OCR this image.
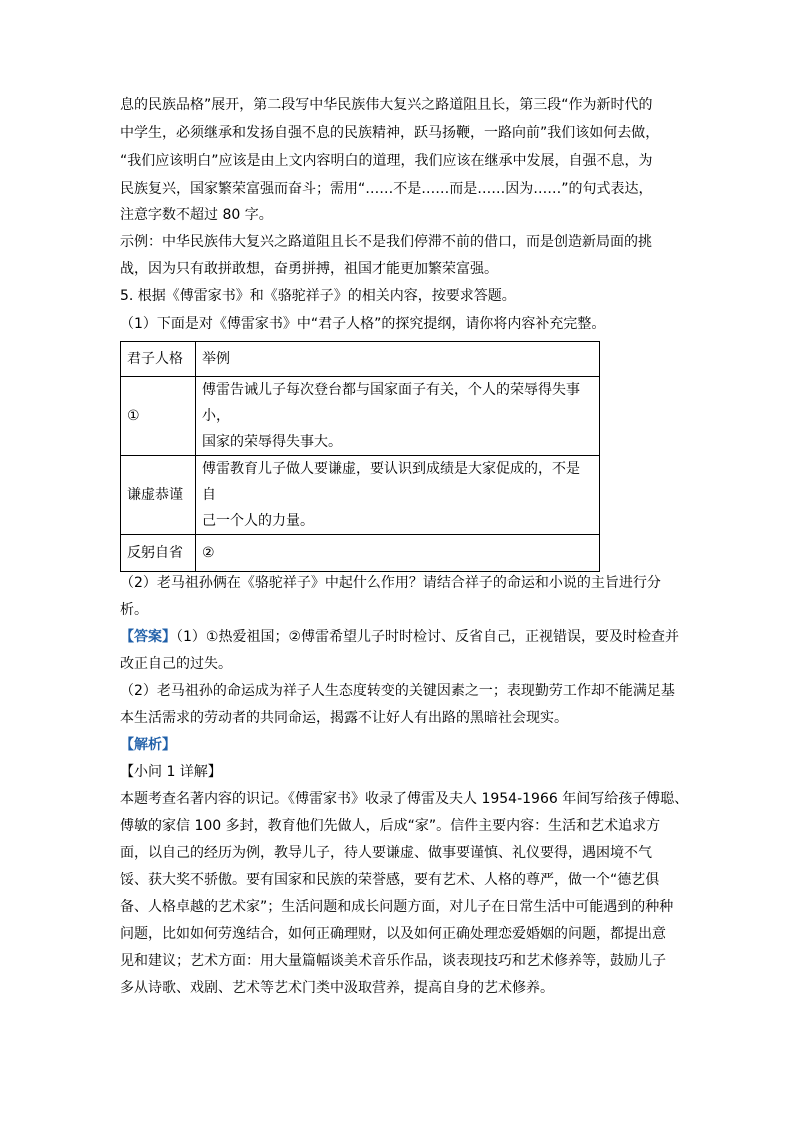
息的民族品格”展开，第二段写中华民族伟大复兴之路道阻且长，第三段“作为新时代的
中学生，必须继承和发扬自强不息的民族精神，跃马扬鞭，一路向前”我们该如何去做，
“我们应该明白”应该是由上文内容明白的道理，我们应该在继承中发展，自强不息，为
民族复兴，国家繁荣富强而奋斗；需用“……不是……而是……因为……”的句式表达，
注意字数不超过 80 字。
示例：中华民族伟大复兴之路道阻且长不是我们停滞不前的借口，而是创造新局面的挑
战，因为只有敢拼敢想，奋勇拼搏，祖国才能更加繁荣富强。
5. 根据《傅雷家书》和《骆驼祥子》的相关内容，按要求答题。
（1）下面是对《傅雷家书》中“君子人格”的探究提纲，请你将内容补充完整。
君子人格	举例
①	傅雷告诫儿子每次登台都与国家面子有关，个人的荣辱得失事小，
国家的荣辱得失事大。

谦虚恭谨	傅雷教育儿子做人要谦虚，要认识到成绩是大家促成的，不是自
己一个人的力量。

反躬自省	②
（2）老马祖孙俩在《骆驼祥子》中起什么作用？请结合祥子的命运和小说的主旨进行分
析。
【答案】（1）①热爱祖国；②傅雷希望儿子时时检讨、反省自己，正视错误，要及时检查并
改正自己的过失。
（2）老马祖孙的命运成为祥子人生态度转变的关键因素之一；表现勤劳工作却不能满足基
本生活需求的劳动者的共同命运，揭露不让好人有出路的黑暗社会现实。
【解析】
【小问 1 详解】
本题考查名著内容的识记。《傅雷家书》收录了傅雷及夫人 1954-1966 年间写给孩子傅聪、
傅敏的家信 100 多封，教育他们先做人，后成“家”。信件主要内容：生活和艺术追求方
面，以自己的经历为例，教导儿子，待人要谦虚、做事要谨慎、礼仪要得，遇困境不气
馁、获大奖不骄傲。要有国家和民族的荣誉感，要有艺术、人格的尊严，做一个“德艺俱
备、人格卓越的艺术家”；生活问题和成长问题方面，对儿子在日常生活中可能遇到的种种
问题，比如如何劳逸结合，如何正确理财，以及如何正确处理恋爱婚姻的问题，都提出意
见和建议；艺术方面：用大量篇幅谈美术音乐作品，谈表现技巧和艺术修养等，鼓励儿子
多从诗歌、戏剧、艺术等艺术门类中汲取营养，提高自身的艺术修养。
